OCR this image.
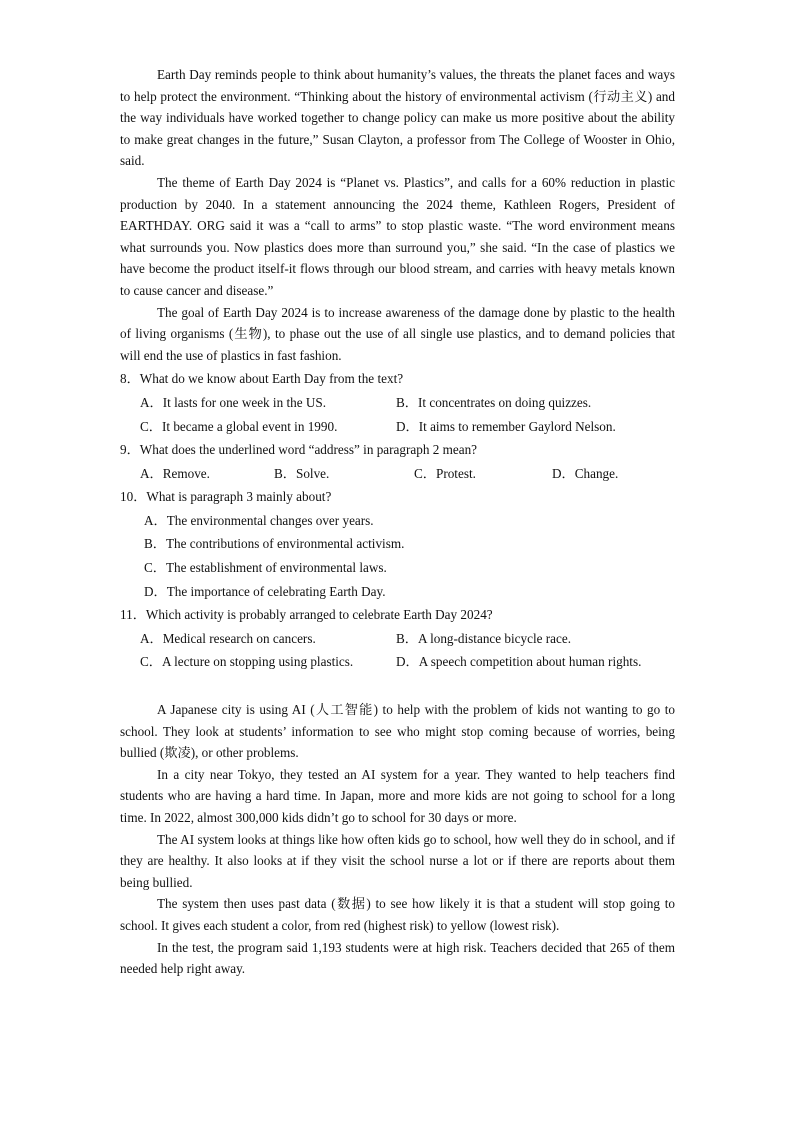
Earth Day reminds people to think about humanity’s values, the threats the planet faces and ways to help protect the environment. “Thinking about the history of environmental activism (行动主义) and the way individuals have worked together to change policy can make us more positive about the ability to make great changes in the future,” Susan Clayton, a professor from The College of Wooster in Ohio, said.

The theme of Earth Day 2024 is “Planet vs. Plastics”, and calls for a 60% reduction in plastic production by 2040. In a statement announcing the 2024 theme, Kathleen Rogers, President of EARTHDAY. ORG said it was a “call to arms” to stop plastic waste. “The word environment means what surrounds you. Now plastics does more than surround you,” she said. “In the case of plastics we have become the product itself-it flows through our blood stream, and carries with heavy metals known to cause cancer and disease.”

The goal of Earth Day 2024 is to increase awareness of the damage done by plastic to the health of living organisms (生物), to phase out the use of all single use plastics, and to demand policies that will end the use of plastics in fast fashion.

8．What do we know about Earth Day from the text?
A．It lasts for one week in the US.	B．It concentrates on doing quizzes.
C．It became a global event in 1990.	D．It aims to remember Gaylord Nelson.
9．What does the underlined word “address” in paragraph 2 mean?
A．Remove.	B．Solve.	C．Protest.	D．Change.
10．What is paragraph 3 mainly about?
A．The environmental changes over years.
B．The contributions of environmental activism.
C．The establishment of environmental laws.
D．The importance of celebrating Earth Day.
11．Which activity is probably arranged to celebrate Earth Day 2024?
A．Medical research on cancers.	B．A long-distance bicycle race.
C．A lecture on stopping using plastics.	D．A speech competition about human rights.

A Japanese city is using AI (人工智能) to help with the problem of kids not wanting to go to school. They look at students’ information to see who might stop coming because of worries, being bullied (欺凌), or other problems.

In a city near Tokyo, they tested an AI system for a year. They wanted to help teachers find students who are having a hard time. In Japan, more and more kids are not going to school for a long time. In 2022, almost 300,000 kids didn’t go to school for 30 days or more.

The AI system looks at things like how often kids go to school, how well they do in school, and if they are healthy. It also looks at if they visit the school nurse a lot or if there are reports about them being bullied.

The system then uses past data (数据) to see how likely it is that a student will stop going to school. It gives each student a color, from red (highest risk) to yellow (lowest risk).

In the test, the program said 1,193 students were at high risk. Teachers decided that 265 of them needed help right away.
